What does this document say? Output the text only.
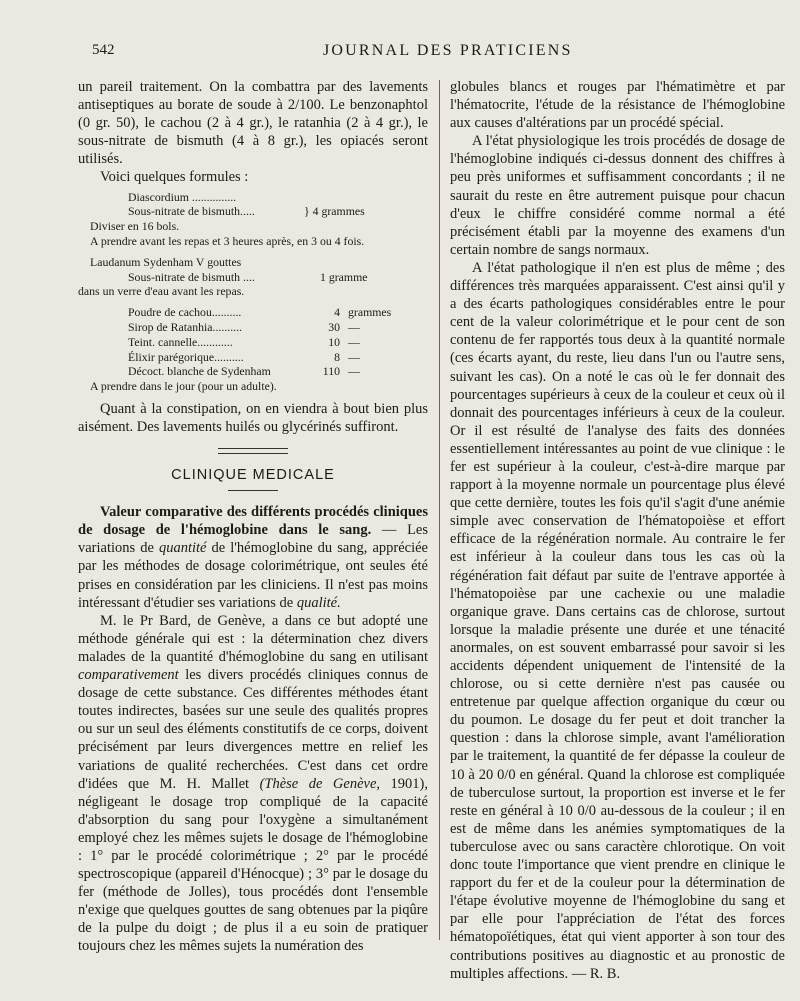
542	JOURNAL DES PRATICIENS

un pareil traitement. On la combattra par des lavements antiseptiques au borate de soude à 2/100. Le benzonaphtol (0 gr. 50), le cachou (2 à 4 gr.), le ratanhia (2 à 4 gr.), le sous-nitrate de bismuth (4 à 8 gr.), les opiacés seront utilisés.

Voici quelques formules :

Diascordium ...............
Sous-nitrate de bismuth.....	} 4 grammes
Diviser en 16 bols.
A prendre avant les repas et 3 heures après, en 3 ou 4 fois.
Laudanum Sydenham V gouttes
Sous-nitrate de bismuth ....	1 gramme
dans un verre d'eau avant les repas.
Poudre de cachou..........	4 grammes
Sirop de Ratanhia..........	30 —
Teint. cannelle............	10 —
Élixir parégorique..........	8 —
Décoct. blanche de Sydenham	110 —
A prendre dans le jour (pour un adulte).

Quant à la constipation, on en viendra à bout bien plus aisément. Des lavements huilés ou glycérinés suffiront.

CLINIQUE MEDICALE

Valeur comparative des différents procédés cliniques de dosage de l'hémoglobine dans le sang. — Les variations de quantité de l'hémoglobine du sang, appréciée par les méthodes de dosage colorimétrique, ont seules été prises en considération par les cliniciens. Il n'est pas moins intéressant d'étudier ses variations de qualité.

M. le Pr Bard, de Genève, a dans ce but adopté une méthode générale qui est : la détermination chez divers malades de la quantité d'hémoglobine du sang en utilisant comparativement les divers procédés cliniques connus de dosage de cette substance. Ces différentes méthodes étant toutes indirectes, basées sur une seule des qualités propres ou sur un seul des éléments constitutifs de ce corps, doivent précisément par leurs divergences mettre en relief les variations de qualité recherchées. C'est dans cet ordre d'idées que M. H. Mallet (Thèse de Genève, 1901), négligeant le dosage trop compliqué de la capacité d'absorption du sang pour l'oxygène a simultanément employé chez les mêmes sujets le dosage de l'hémoglobine : 1° par le procédé colorimétrique ; 2° par le procédé spectroscopique (appareil d'Hénocque) ; 3° par le dosage du fer (méthode de Jolles), tous procédés dont l'ensemble n'exige que quelques gouttes de sang obtenues par la piqûre de la pulpe du doigt ; de plus il a eu soin de pratiquer toujours chez les mêmes sujets la numération des

globules blancs et rouges par l'hématimètre et par l'hématocrite, l'étude de la résistance de l'hémoglobine aux causes d'altérations par un procédé spécial.

A l'état physiologique les trois procédés de dosage de l'hémoglobine indiqués ci-dessus donnent des chiffres à peu près uniformes et suffisamment concordants ; il ne saurait du reste en être autrement puisque pour chacun d'eux le chiffre considéré comme normal a été précisément établi par la moyenne des examens d'un certain nombre de sangs normaux.

A l'état pathologique il n'en est plus de même ; des différences très marquées apparaissent. C'est ainsi qu'il y a des écarts pathologiques considérables entre le pour cent de la valeur colorimétrique et le pour cent de son contenu de fer rapportés tous deux à la quantité normale (ces écarts ayant, du reste, lieu dans l'un ou l'autre sens, suivant les cas). On a noté le cas où le fer donnait des pourcentages supérieurs à ceux de la couleur et ceux où il donnait des pourcentages inférieurs à ceux de la couleur. Or il est résulté de l'analyse des faits des données essentiellement intéressantes au point de vue clinique : le fer est supérieur à la couleur, c'est-à-dire marque par rapport à la moyenne normale un pourcentage plus élevé que cette dernière, toutes les fois qu'il s'agit d'une anémie simple avec conservation de l'hématopoièse et effort efficace de la régénération normale. Au contraire le fer est inférieur à la couleur dans tous les cas où la régénération fait défaut par suite de l'entrave apportée à l'hématopoièse par une cachexie ou une maladie organique grave. Dans certains cas de chlorose, surtout lorsque la maladie présente une durée et une ténacité anormales, on est souvent embarrassé pour savoir si les accidents dépendent uniquement de l'intensité de la chlorose, ou si cette dernière n'est pas causée ou entretenue par quelque affection organique du cœur ou du poumon. Le dosage du fer peut et doit trancher la question : dans la chlorose simple, avant l'amélioration par le traitement, la quantité de fer dépasse la couleur de 10 à 20 0/0 en général. Quand la chlorose est compliquée de tuberculose surtout, la proportion est inverse et le fer reste en général à 10 0/0 au-dessous de la couleur ; il en est de même dans les anémies symptomatiques de la tuberculose avec ou sans caractère chlorotique. On voit donc toute l'importance que vient prendre en clinique le rapport du fer et de la couleur pour la détermination de l'étape évolutive moyenne de l'hémoglobine du sang et par elle pour l'appréciation de l'état des forces hématopoïétiques, état qui vient apporter à son tour des contributions positives au diagnostic et au pronostic de multiples affections. — R. B.
